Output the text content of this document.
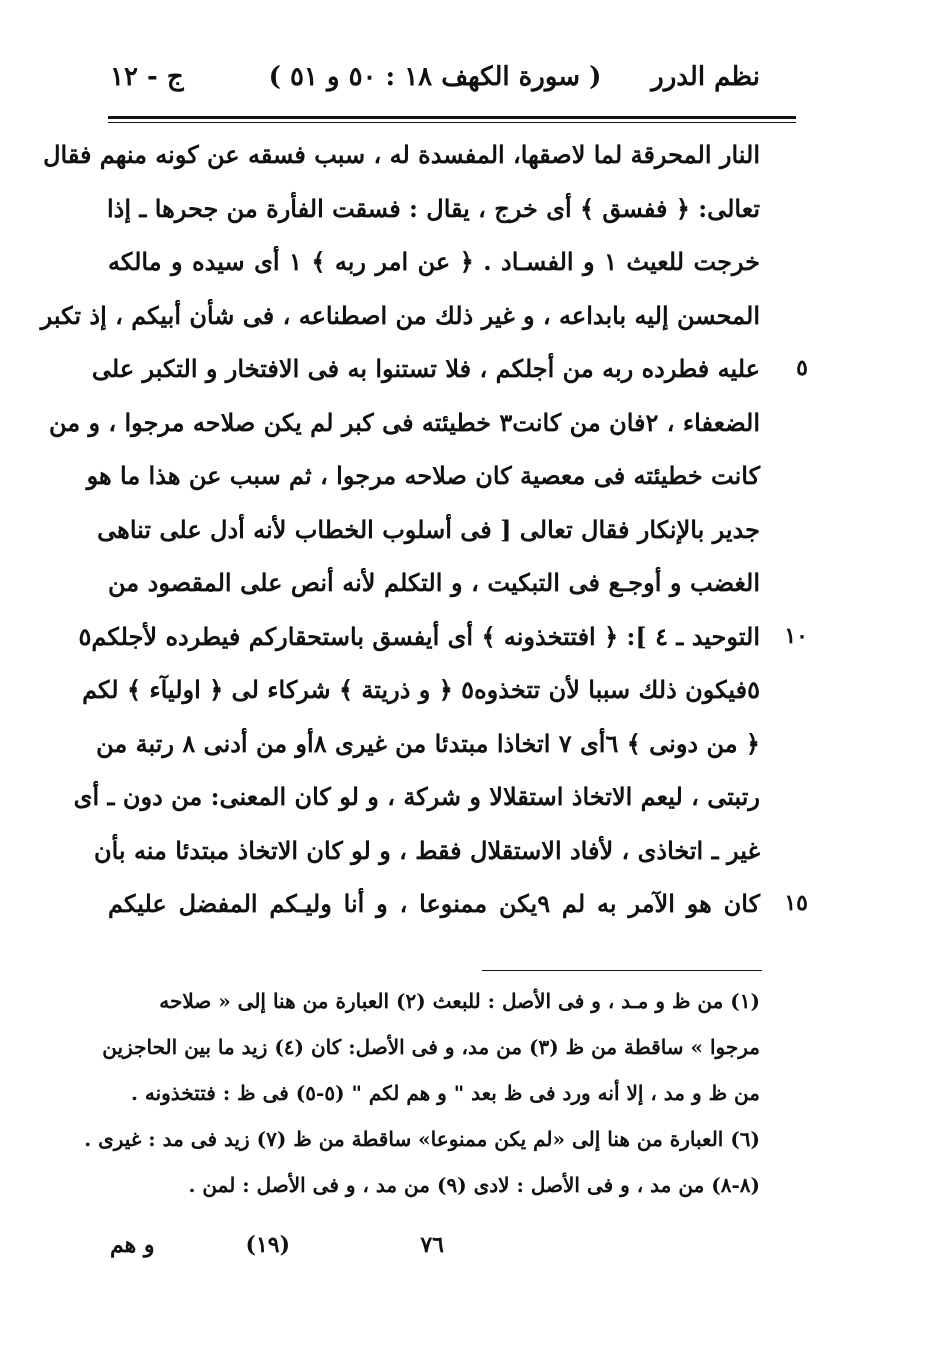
نظم الدرر
( سورة الكهف ١٨ : ٥٠ و ٥١ )
ج - ١٢
النار المحرقة لما لاصقها، المفسدة له ، سبب فسقه عن كونه منهم فقال
تعالى: ﴿ ففسق ﴾ أى خرج ، يقال : فسقت الفأرة من جحرها ـ إذا
خرجت للعيث ١ و الفسـاد . ﴿ عن امر ربه ﴾ ١ أى سيده و مالكه
المحسن إليه بابداعه ، و غير ذلك من اصطناعه ، فى شأن أبيكم ، إذ تكبر
عليه فطرده ربه من أجلكم ، فلا تستنوا به فى الافتخار و التكبر على
الضعفاء ، ٢فان من كانت٣ خطيئته فى كبر لم يكن صلاحه مرجوا ، و من
كانت خطيئته فى معصية كان صلاحه مرجوا ، ثم سبب عن هذا ما هو
جدير بالإنكار فقال تعالى [ فى أسلوب الخطاب لأنه أدل على تناهى
الغضب و أوجـع فى التبكيت ، و التكلم لأنه أنص على المقصود من
التوحيد ـ ٤ ]: ﴿ افتتخذونه ﴾ أى أيفسق باستحقاركم فيطرده لأجلكم٥
٥فيكون ذلك سببا لأن تتخذوه٥ ﴿ و ذريتة ﴾ شركاء لى ﴿ اوليآء ﴾ لكم
﴿ من دونى ﴾ ٦أى ٧ اتخاذا مبتدئا من غيرى ٨أو من أدنى ٨ رتبة من
رتبتى ، ليعم الاتخاذ استقلالا و شركة ، و لو كان المعنى: من دون ـ أى
غير ـ اتخاذى ، لأفاد الاستقلال فقط ، و لو كان الاتخاذ مبتدئا منه بأن
كان هو الآمر به لم ٩يكن ممنوعا ، و أنا وليـكم المفضل عليكم
٥
١٠
١٥
(١) من ظ و مـد ، و فى الأصل : للبعث (٢) العبارة من هنا إلى « صلاحه
مرجوا » ساقطة من ظ (٣) من مد، و فى الأصل: كان (٤) زيد ما بين الحاجزين
من ظ و مد ، إلا أنه ورد فى ظ بعد " و هم لكم " (٥-٥) فى ظ : فتتخذونه .
(٦) العبارة من هنا إلى «لم يكن ممنوعا» ساقطة من ظ (٧) زيد فى مد : غيرى .
(٨-٨) من مد ، و فى الأصل : لادى (٩) من مد ، و فى الأصل : لمن .
٧٦
(١٩)
و هم
